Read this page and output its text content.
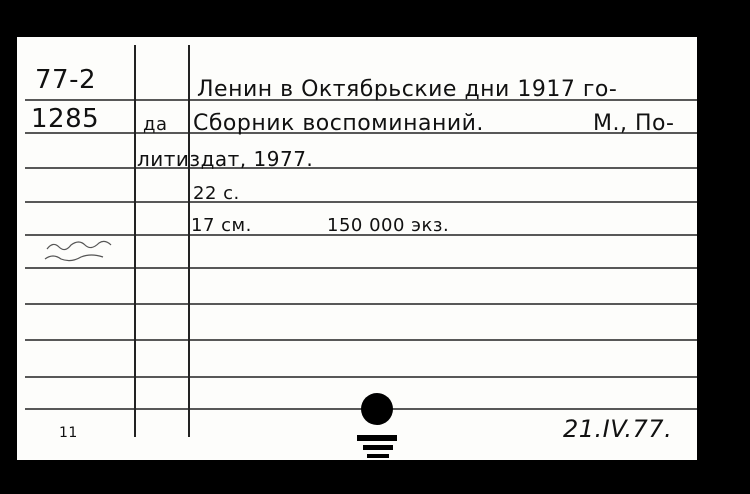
77-2
1285 да
Ленин в Октябрьские дни 1917 го-
Сборник воспоминаний.	М., По-
литиздат, 1977.
22 с.
17 см.	150 000 экз.
11	21.IV.77.
